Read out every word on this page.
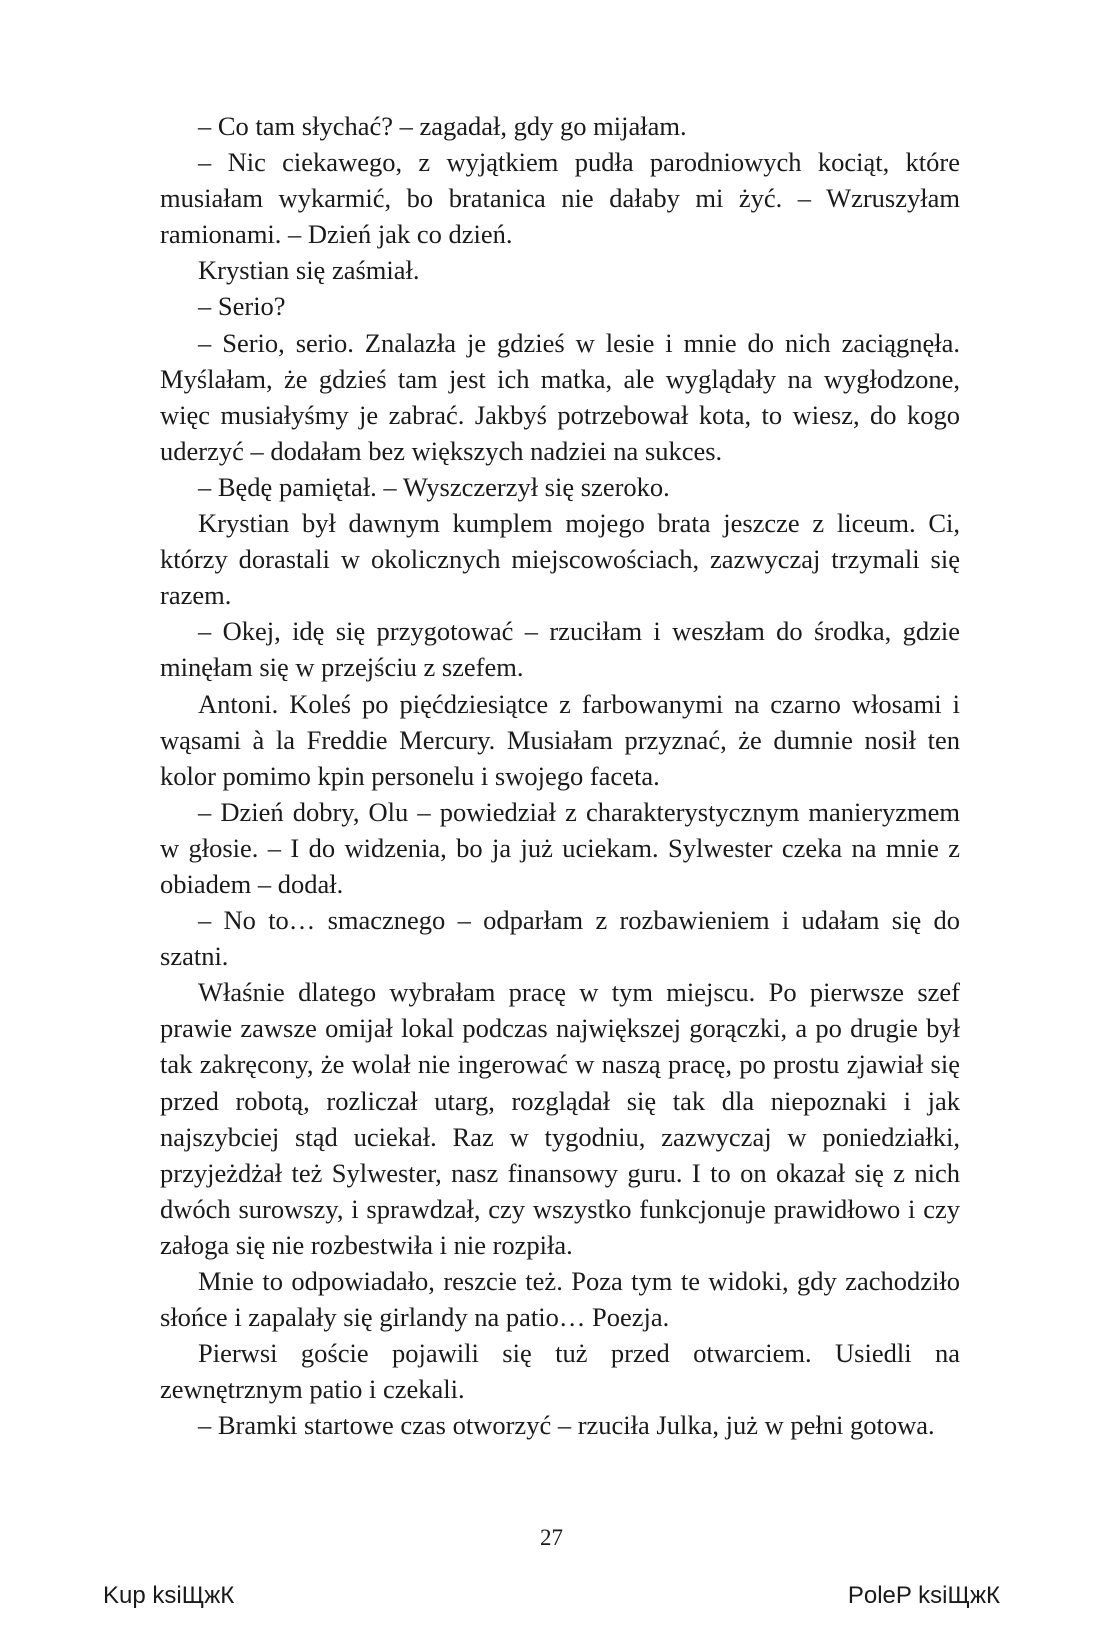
– Co tam słychać? – zagadał, gdy go mijałam.

– Nic ciekawego, z wyjątkiem pudła parodniowych kociąt, które musiałam wykarmić, bo bratanica nie dałaby mi żyć. – Wzruszyłam ramionami. – Dzień jak co dzień.

Krystian się zaśmiał.

– Serio?

– Serio, serio. Znalazła je gdzieś w lesie i mnie do nich zaciągnęła. Myślałam, że gdzieś tam jest ich matka, ale wyglądały na wygłodzone, więc musiałyśmy je zabrać. Jakbyś potrzebował kota, to wiesz, do kogo uderzyć – dodałam bez większych nadziei na sukces.

– Będę pamiętał. – Wyszczerzył się szeroko.

Krystian był dawnym kumplem mojego brata jeszcze z liceum. Ci, którzy dorastali w okolicznych miejscowościach, zazwyczaj trzymali się razem.

– Okej, idę się przygotować – rzuciłam i weszłam do środka, gdzie minęłam się w przejściu z szefem.

Antoni. Koleś po pięćdziesiątce z farbowanymi na czarno włosami i wąsami à la Freddie Mercury. Musiałam przyznać, że dumnie nosił ten kolor pomimo kpin personelu i swojego faceta.

– Dzień dobry, Olu – powiedział z charakterystycznym manieryzmem w głosie. – I do widzenia, bo ja już uciekam. Sylwester czeka na mnie z obiadem – dodał.

– No to… smacznego – odparłam z rozbawieniem i udałam się do szatni.

Właśnie dlatego wybrałam pracę w tym miejscu. Po pierwsze szef prawie zawsze omijał lokal podczas największej gorączki, a po drugie był tak zakręcony, że wolał nie ingerować w naszą pracę, po prostu zjawiał się przed robotą, rozliczał utarg, rozglądał się tak dla niepoznaki i jak najszybciej stąd uciekał. Raz w tygodniu, zazwyczaj w poniedziałki, przyjeżdżał też Sylwester, nasz finansowy guru. I to on okazał się z nich dwóch surowszy, i sprawdzał, czy wszystko funkcjonuje prawidłowo i czy załoga się nie rozbestwiła i nie rozpiła.

Mnie to odpowiadało, reszcie też. Poza tym te widoki, gdy zachodziło słońce i zapalały się girlandy na patio… Poezja.

Pierwsi goście pojawili się tuż przed otwarciem. Usiedli na zewnętrznym patio i czekali.

– Bramki startowe czas otworzyć – rzuciła Julka, już w pełni gotowa.

27
Kup ksiЩжК	PoleP ksiЩжК
